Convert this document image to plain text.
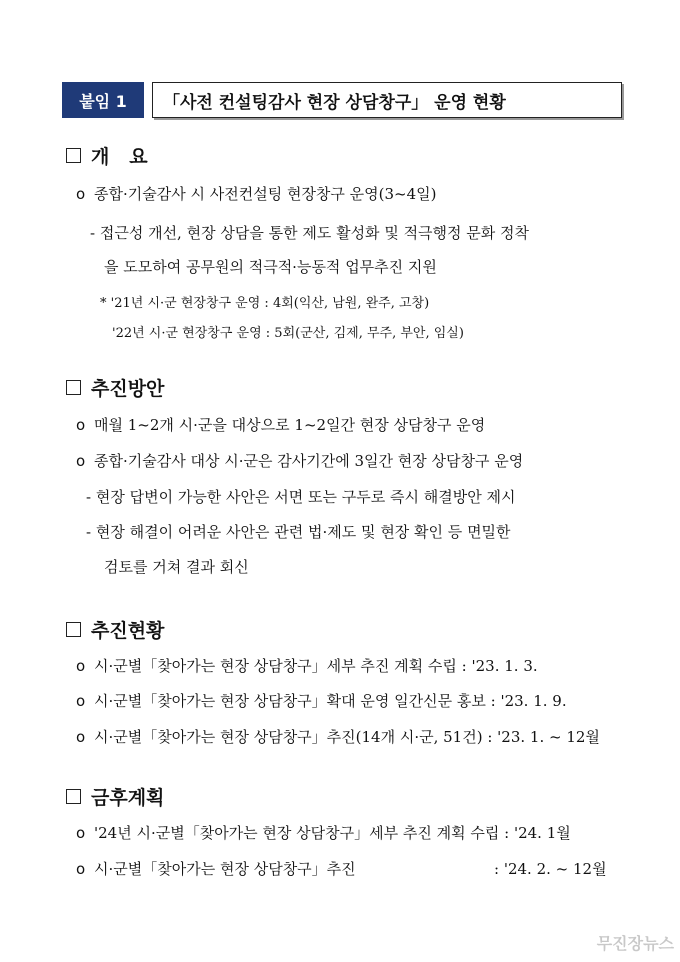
붙임 1	「사전 컨설팅감사 현장 상담창구」 운영 현황
개   요
o 종합·기술감사 시 사전컨설팅 현장창구 운영(3~4일)
- 접근성 개선, 현장 상담을 통한 제도 활성화 및 적극행정 문화 정착
을 도모하여 공무원의 적극적·능동적 업무추진 지원
* '21년 시·군 현장창구 운영 : 4회(익산, 남원, 완주, 고창)
'22년 시·군 현장창구 운영 : 5회(군산, 김제, 무주, 부안, 임실)
추진방안
o 매월 1~2개 시·군을 대상으로 1~2일간 현장 상담창구 운영
o 종합·기술감사 대상 시·군은 감사기간에 3일간 현장 상담창구 운영
- 현장 답변이 가능한 사안은 서면 또는 구두로 즉시 해결방안 제시
- 현장 해결이 어려운 사안은 관련 법·제도 및 현장 확인 등 면밀한
검토를 거쳐 결과 회신
추진현황
o 시·군별「찾아가는 현장 상담창구」세부 추진 계획 수립 : '23. 1. 3.
o 시·군별「찾아가는 현장 상담창구」확대 운영 일간신문 홍보 : '23. 1. 9.
o 시·군별「찾아가는 현장 상담창구」추진(14개 시·군, 51건) : '23. 1. ~ 12월
금후계획
o '24년 시·군별「찾아가는 현장 상담창구」세부 추진 계획 수립 : '24. 1월
o 시·군별「찾아가는 현장 상담창구」추진	: '24. 2. ~ 12월
무진장뉴스
